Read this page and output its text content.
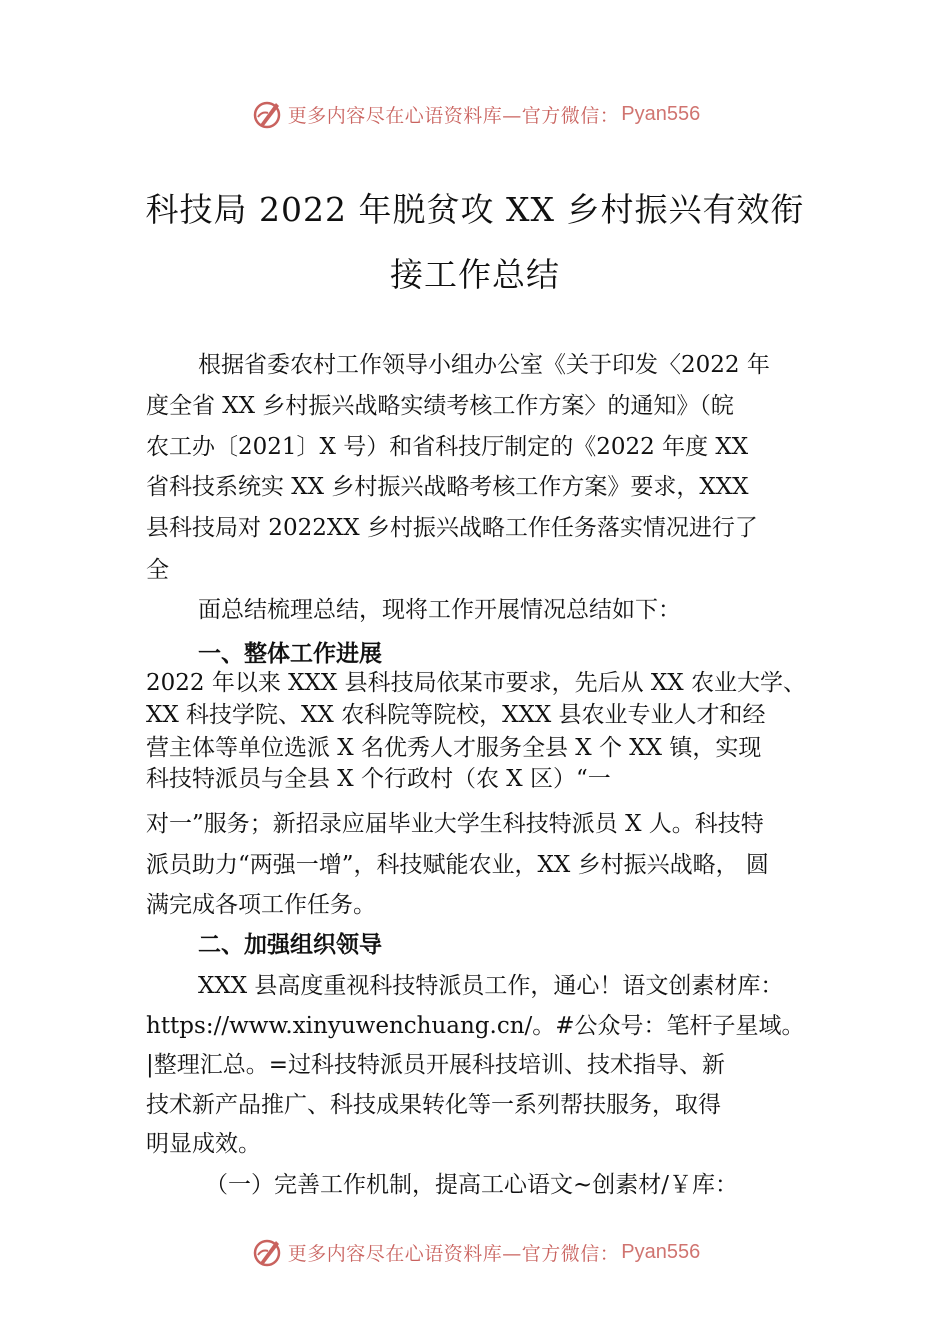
更多内容尽在心语资料库—官方微信： Pyan556
科技局 2022 年脱贫攻 XX 乡村振兴有效衔
接工作总结
根据省委农村工作领导小组办公室《关于印发〈2022 年
度全省 XX 乡村振兴战略实绩考核工作方案〉的通知》（皖
农工办〔2021〕X 号）和省科技厅制定的《2022 年度 XX
省科技系统实 XX 乡村振兴战略考核工作方案》要求，XXX
县科技局对 2022XX 乡村振兴战略工作任务落实情况进行了
全
面总结梳理总结，现将工作开展情况总结如下：
一、整体工作进展
2022 年以来 XXX 县科技局依某市要求，先后从 XX 农业大学、
XX 科技学院、XX 农科院等院校，XXX 县农业专业人才和经
营主体等单位选派 X 名优秀人才服务全县 X 个 XX 镇，实现
科技特派员与全县 X 个行政村（农 X 区）“一
对一”服务；新招录应届毕业大学生科技特派员 X 人。科技特
派员助力“两强一增”，科技赋能农业，XX 乡村振兴战略， 圆
满完成各项工作任务。
二、加强组织领导
XXX 县高度重视科技特派员工作，通心！语文创素材库：
https://www.xinyuwenchuang.cn/。#公众号：笔杆子星域。
|整理汇总。=过科技特派员开展科技培训、技术指导、新
技术新产品推广、科技成果转化等一系列帮扶服务，取得
明显成效。
（一）完善工作机制，提高工心语文~创素材/￥库：
更多内容尽在心语资料库—官方微信： Pyan556
